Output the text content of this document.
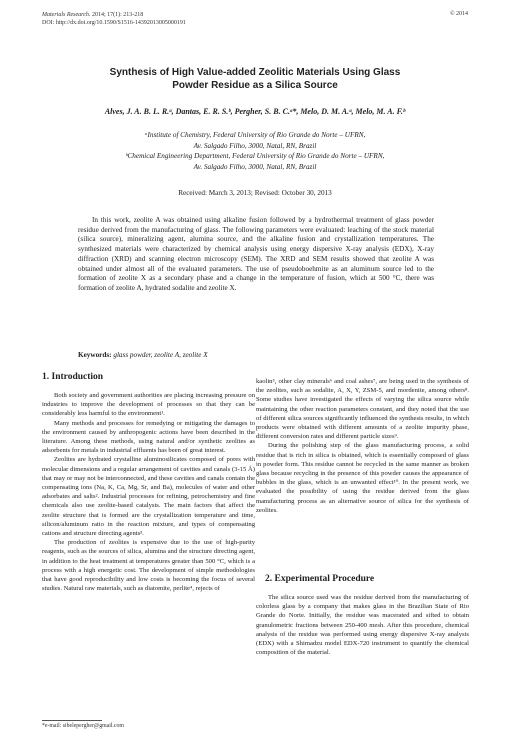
Materials Research. 2014; 17(1): 213-218
DOI: http://dx.doi.org/10.1590/S1516-14392013005000191
© 2014
Synthesis of High Value-added Zeolitic Materials Using Glass
Powder Residue as a Silica Source
Alves, J. A. B. L. R.ᵃ, Dantas, E. R. S.ᵇ, Pergher, S. B. C.ᵃ*, Melo, D. M. A.ᵃ, Melo, M. A. F.ᵇ

ᵃInstitute of Chemistry, Federal University of Rio Grande do Norte – UFRN,

Av. Salgado Filho, 3000, Natal, RN, Brazil

ᵇChemical Engineering Department, Federal University of Rio Grande do Norte – UFRN,

Av. Salgado Filho, 3000, Natal, RN, Brazil

Received: March 3, 2013; Revised: October 30, 2013

In this work, zeolite A was obtained using alkaline fusion followed by a hydrothermal treatment of glass powder residue derived from the manufacturing of glass. The following parameters were evaluated: leaching of the stock material (silica source), mineralizing agent, alumina source, and the alkaline fusion and crystallization temperatures. The synthesized materials were characterized by chemical analysis using energy dispersive X-ray analysis (EDX), X-ray diffraction (XRD) and scanning electron microscopy (SEM). The XRD and SEM results showed that zeolite A was obtained under almost all of the evaluated parameters. The use of pseudoboehmite as an aluminum source led to the formation of zeolite X as a secondary phase and a change in the temperature of fusion, which at 500 °C, there was formation of zeolite A, hydrated sodalite and zeolite X.

Keywords: glass powder, zeolite A, zeolite X
1. Introduction

Both society and government authorities are placing increasing pressure on industries to improve the development of processes so that they can be considerably less harmful to the environment¹.

Many methods and processes for remedying or mitigating the damages to the environment caused by anthropogenic actions have been described in the literature. Among these methods, using natural and/or synthetic zeolites as adsorbents for metals in industrial effluents has been of great interest.

Zeolites are hydrated crystalline aluminosilicates composed of pores with molecular dimensions and a regular arrangement of cavities and canals (3-15 Å) that may or may not be interconnected, and these cavities and canals contain the compensating ions (Na, K, Ca, Mg, Sr, and Ba), molecules of water and other adsorbates and salts². Industrial processes for refining, petrochemistry and fine chemicals also use zeolite-based catalysts. The main factors that affect the zeolite structure that is formed are the crystallization temperature and time, silicon/aluminum ratio in the reaction mixture, and types of compensating cations and structure directing agents³.

The production of zeolites is expensive due to the use of high-purity reagents, such as the sources of silica, alumina and the structure directing agent, in addition to the heat treatment at temperatures greater than 500 °C, which is a process with a high energetic cost. The development of simple methodologies that have good reproducibility and low costs is becoming the focus of several studies. Natural raw materials, such as diatomite, perlite⁴, rejects of

kaolin⁵, other clay minerals⁶ and coal ashes⁷, are being used in the synthesis of the zeolites, such as sodalite, A, X, Y, ZSM-5, and mordenite, among others⁸. Some studies have investigated the effects of varying the silica source while maintaining the other reaction parameters constant, and they noted that the use of different silica sources significantly influenced the synthesis results, in which products were obtained with different amounts of a zeolite impurity phase, different conversion rates and different particle sizes⁹.

During the polishing step of the glass manufacturing process, a solid residue that is rich in silica is obtained, which is essentially composed of glass in powder form. This residue cannot be recycled in the same manner as broken glass because recycling in the presence of this powder causes the appearance of bubbles in the glass, which is an unwanted effect¹⁰. In the present work, we evaluated the possibility of using the residue derived from the glass manufacturing process as an alternative source of silica for the synthesis of zeolites.

2. Experimental Procedure

The silica source used was the residue derived from the manufacturing of colorless glass by a company that makes glass in the Brazilian State of Rio Grande do Norte. Initially, the residue was macerated and sifted to obtain granulometric fractions between 250-400 mesh. After this procedure, chemical analysis of the residue was performed using energy dispersive X-ray analysis (EDX) with a Shimadzu model EDX-720 instrument to quantify the chemical composition of the material.

*e-mail: sibelepergher@gmail.com
